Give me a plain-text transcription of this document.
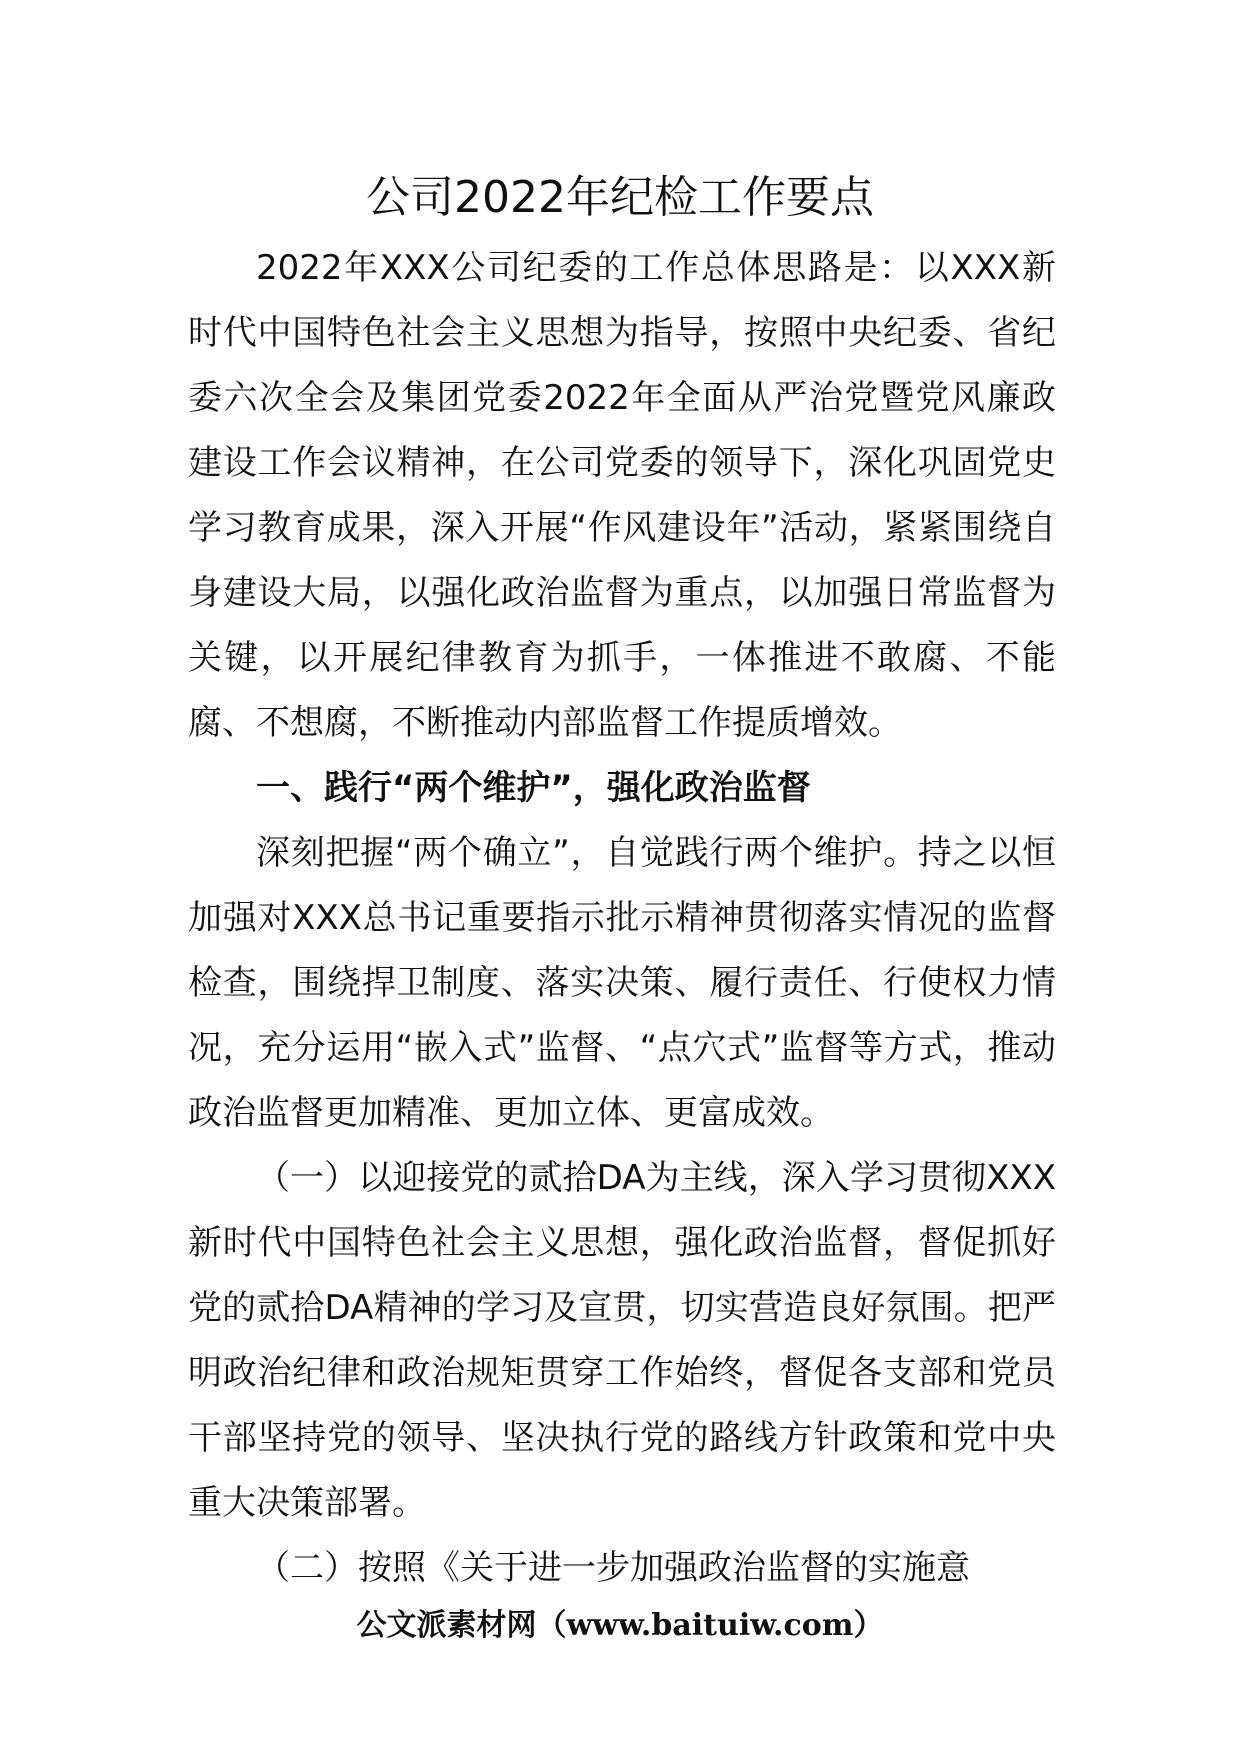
公司2022年纪检工作要点

2022年XXX公司纪委的工作总体思路是：以XXX新时代中国特色社会主义思想为指导，按照中央纪委、省纪委六次全会及集团党委2022年全面从严治党暨党风廉政建设工作会议精神，在公司党委的领导下，深化巩固党史学习教育成果，深入开展“作风建设年”活动，紧紧围绕自身建设大局，以强化政治监督为重点，以加强日常监督为关键，以开展纪律教育为抓手，一体推进不敢腐、不能腐、不想腐，不断推动内部监督工作提质增效。

一、践行“两个维护”，强化政治监督

深刻把握“两个确立”，自觉践行两个维护。持之以恒加强对XXX总书记重要指示批示精神贯彻落实情况的监督检查，围绕捍卫制度、落实决策、履行责任、行使权力情况，充分运用“嵌入式”监督、“点穴式”监督等方式，推动政治监督更加精准、更加立体、更富成效。

（一）以迎接党的贰拾DA为主线，深入学习贯彻XXX新时代中国特色社会主义思想，强化政治监督，督促抓好党的贰拾DA精神的学习及宣贯，切实营造良好氛围。把严明政治纪律和政治规矩贯穿工作始终，督促各支部和党员干部坚持党的领导、坚决执行党的路线方针政策和党中央重大决策部署。

（二）按照《关于进一步加强政治监督的实施意

公文派素材网（www.baituiw.com）
